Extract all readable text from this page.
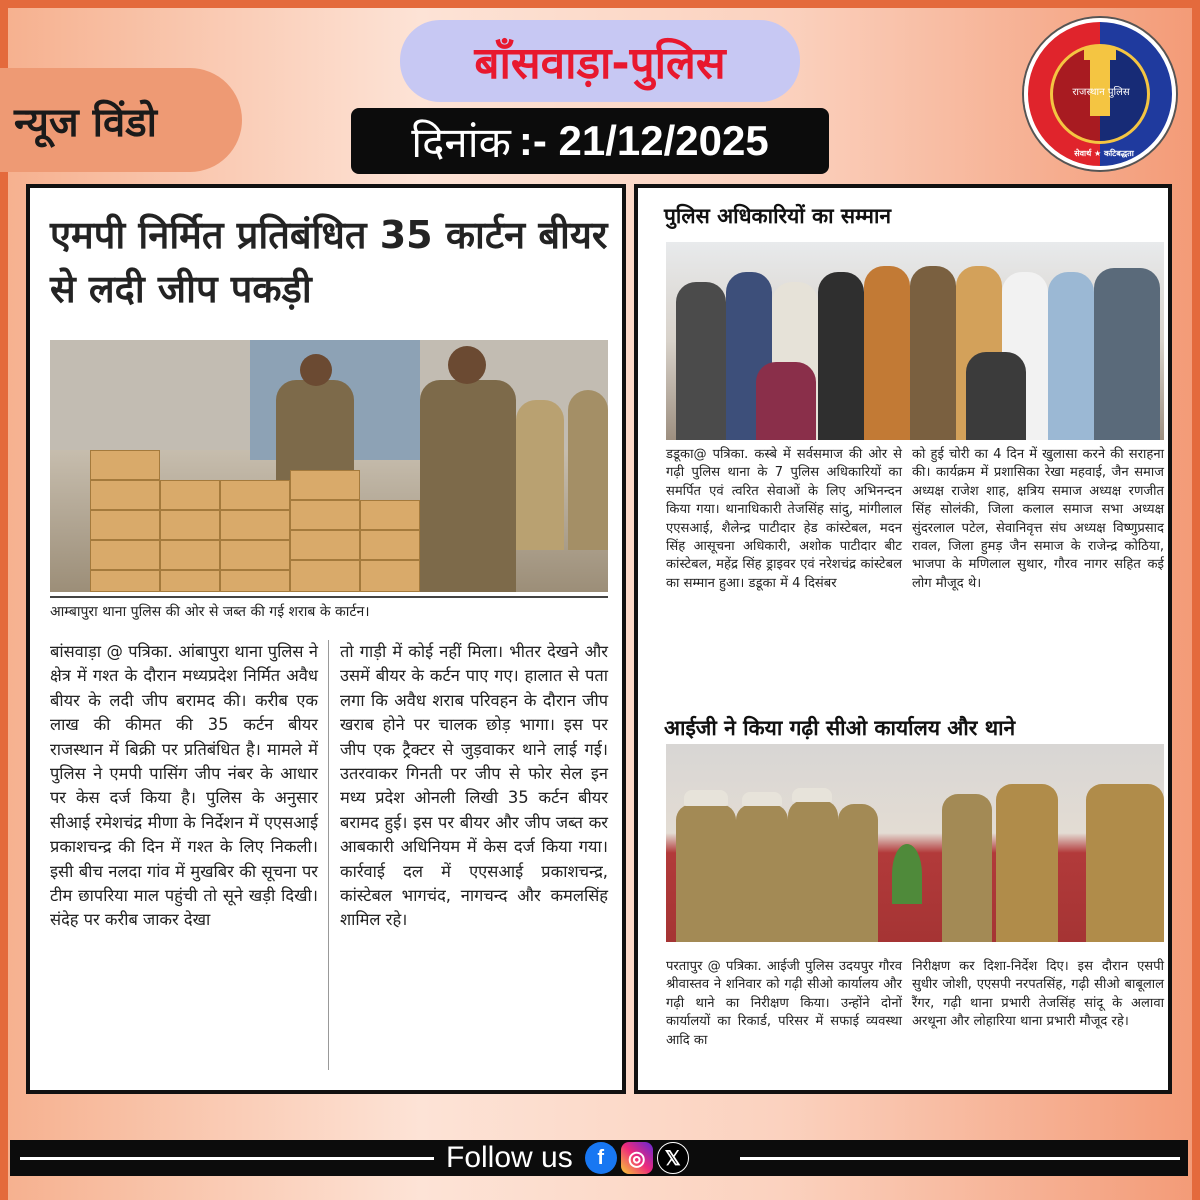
न्यूज विंडो
बाँसवाड़ा-पुलिस
दिनांक :- 21/12/2025
राजस्थान पुलिस
सेवार्थ ★ कटिबद्धता
एमपी निर्मित प्रतिबंधित 35 कार्टन बीयर से लदी जीप पकड़ी
आम्बापुरा थाना पुलिस की ओर से जब्त की गई शराब के कार्टन।
बांसवाड़ा @ पत्रिका. आंबापुरा थाना पुलिस ने क्षेत्र में गश्त के दौरान मध्यप्रदेश निर्मित अवैध बीयर के लदी जीप बरामद की। करीब एक लाख की कीमत की 35 कर्टन बीयर राजस्थान में बिक्री पर प्रतिबंधित है। मामले में पुलिस ने एमपी पासिंग जीप नंबर के आधार पर केस दर्ज किया है। पुलिस के अनुसार सीआई रमेशचंद्र मीणा के निर्देशन में एएसआई प्रकाशचन्द्र की दिन में गश्त के लिए निकली। इसी बीच नलदा गांव में मुखबिर की सूचना पर टीम छापरिया माल पहुंची तो सूने खड़ी दिखी। संदेह पर करीब जाकर देखा
तो गाड़ी में कोई नहीं मिला। भीतर देखने और उसमें बीयर के कर्टन पाए गए। हालात से पता लगा कि अवैध शराब परिवहन के दौरान जीप खराब होने पर चालक छोड़ भागा। इस पर जीप एक ट्रैक्टर से जुड़वाकर थाने लाई गई। उतरवाकर गिनती पर जीप से फोर सेल इन मध्य प्रदेश ओनली लिखी 35 कर्टन बीयर बरामद हुई। इस पर बीयर और जीप जब्त कर आबकारी अधिनियम में केस दर्ज किया गया। कार्रवाई दल में एएसआई प्रकाशचन्द्र, कांस्टेबल भागचंद, नागचन्द और कमलसिंह शामिल रहे।
पुलिस अधिकारियों का सम्मान
डडूका@ पत्रिका. कस्बे में सर्वसमाज की ओर से गढ़ी पुलिस थाना के 7 पुलिस अधिकारियों का समर्पित एवं त्वरित सेवाओं के लिए अभिनन्दन किया गया। थानाधिकारी तेजसिंह सांदु, मांगीलाल एएसआई, शैलेन्द्र पाटीदार हेड कांस्टेबल, मदन सिंह आसूचना अधिकारी, अशोक पाटीदार बीट कांस्टेबल, महेंद्र सिंह ड्राइवर एवं नरेशचंद्र कांस्टेबल का सम्मान हुआ। डडूका में 4 दिसंबर
को हुई चोरी का 4 दिन में खुलासा करने की सराहना की। कार्यक्रम में प्रशासिका रेखा महवाई, जैन समाज अध्यक्ष राजेश शाह, क्षत्रिय समाज अध्यक्ष रणजीत सिंह सोलंकी, जिला कलाल समाज सभा अध्यक्ष सुंदरलाल पटेल, सेवानिवृत्त संघ अध्यक्ष विष्णुप्रसाद रावल, जिला हुमड़ जैन समाज के राजेन्द्र कोठिया, भाजपा के मणिलाल सुथार, गौरव नागर सहित कई लोग मौजूद थे।
आईजी ने किया गढ़ी सीओ कार्यालय और थाने
परतापुर @ पत्रिका. आईजी पुलिस उदयपुर गौरव श्रीवास्तव ने शनिवार को गढ़ी सीओ कार्यालय और गढ़ी थाने का निरीक्षण किया। उन्होंने दोनों कार्यालयों का रिकार्ड, परिसर में सफाई व्यवस्था आदि का
निरीक्षण कर दिशा-निर्देश दिए। इस दौरान एसपी सुधीर जोशी, एएसपी नरपतसिंह, गढ़ी सीओ बाबूलाल रैंगर, गढ़ी थाना प्रभारी तेजसिंह सांदू के अलावा अरथूना और लोहारिया थाना प्रभारी मौजूद रहे।
Follow us	f	◎ 𝕏
